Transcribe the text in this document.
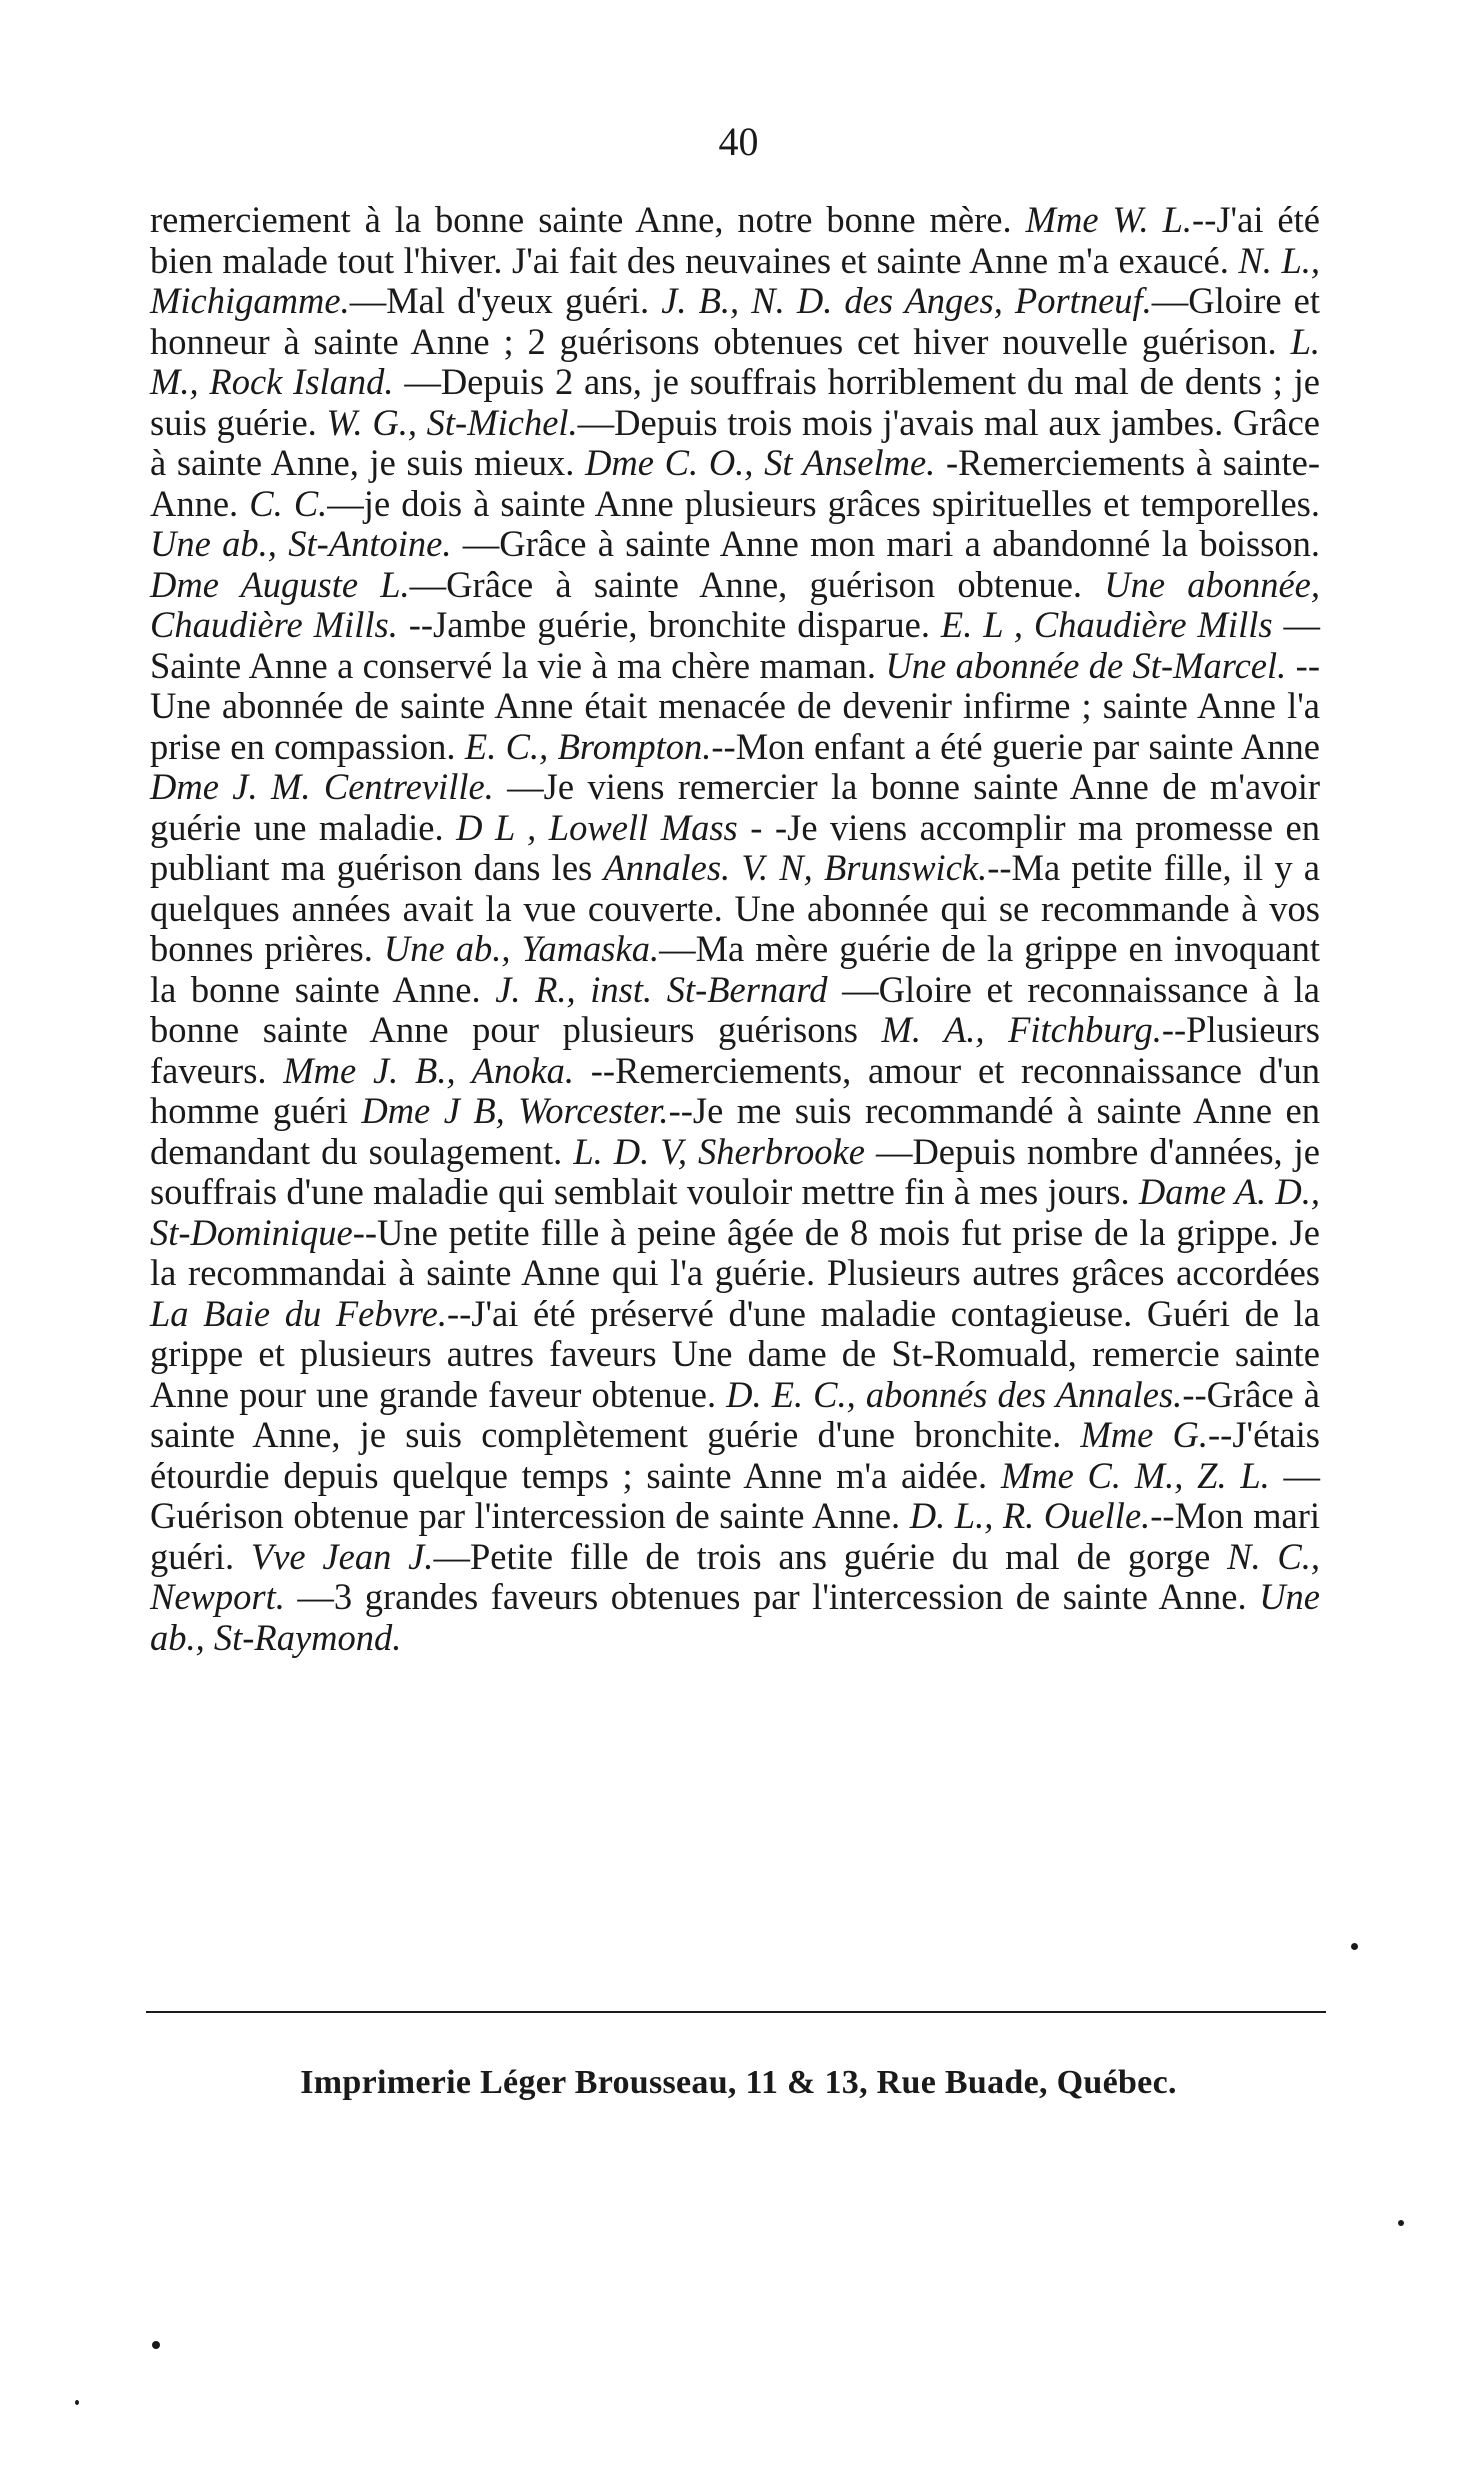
40

remerciement à la bonne sainte Anne, notre bonne mère. Mme W. L.--J'ai été bien malade tout l'hiver. J'ai fait des neuvaines et sainte Anne m'a exaucé. N. L., Michigamme.—Mal d'yeux guéri. J. B., N. D. des Anges, Portneuf.—Gloire et honneur à sainte Anne ; 2 guérisons obtenues cet hiver nouvelle guérison. L. M., Rock Island. —Depuis 2 ans, je souffrais horriblement du mal de dents ; je suis guérie. W. G., St-Michel.—Depuis trois mois j'avais mal aux jambes. Grâce à sainte Anne, je suis mieux. Dme C. O., St Anselme. -Remerciements à sainte-Anne. C. C.—je dois à sainte Anne plusieurs grâces spirituelles et temporelles. Une ab., St-Antoine. —Grâce à sainte Anne mon mari a abandonné la boisson. Dme Auguste L.—Grâce à sainte Anne, guérison obtenue. Une abonnée, Chaudière Mills. --Jambe guérie, bronchite disparue. E. L , Chaudière Mills —Sainte Anne a conservé la vie à ma chère maman. Une abonnée de St-Marcel. --Une abonnée de sainte Anne était menacée de devenir infirme ; sainte Anne l'a prise en compassion. E. C., Brompton.--Mon enfant a été guerie par sainte Anne Dme J. M. Centreville. —Je viens remercier la bonne sainte Anne de m'avoir guérie une maladie. D L , Lowell Mass - -Je viens accomplir ma promesse en publiant ma guérison dans les Annales. V. N, Brunswick.--Ma petite fille, il y a quelques années avait la vue couverte. Une abonnée qui se recommande à vos bonnes prières. Une ab., Yamaska.—Ma mère guérie de la grippe en invoquant la bonne sainte Anne. J. R., inst. St-Bernard —Gloire et reconnaissance à la bonne sainte Anne pour plusieurs guérisons M. A., Fitchburg.--Plusieurs faveurs. Mme J. B., Anoka. --Remerciements, amour et reconnaissance d'un homme guéri Dme J B, Worcester.--Je me suis recommandé à sainte Anne en demandant du soulagement. L. D. V, Sherbrooke —Depuis nombre d'années, je souffrais d'une maladie qui semblait vouloir mettre fin à mes jours. Dame A. D., St-Dominique--Une petite fille à peine âgée de 8 mois fut prise de la grippe. Je la recommandai à sainte Anne qui l'a guérie. Plusieurs autres grâces accordées La Baie du Febvre.--J'ai été préservé d'une maladie contagieuse. Guéri de la grippe et plusieurs autres faveurs Une dame de St-Romuald, remercie sainte Anne pour une grande faveur obtenue. D. E. C., abonnés des Annales.--Grâce à sainte Anne, je suis complètement guérie d'une bronchite. Mme G.--J'étais étourdie depuis quelque temps ; sainte Anne m'a aidée. Mme C. M., Z. L. —Guérison obtenue par l'intercession de sainte Anne. D. L., R. Ouelle.--Mon mari guéri. Vve Jean J.—Petite fille de trois ans guérie du mal de gorge N. C., Newport. —3 grandes faveurs obtenues par l'intercession de sainte Anne. Une ab., St-Raymond.

Imprimerie Léger Brousseau, 11 & 13, Rue Buade, Québec.
